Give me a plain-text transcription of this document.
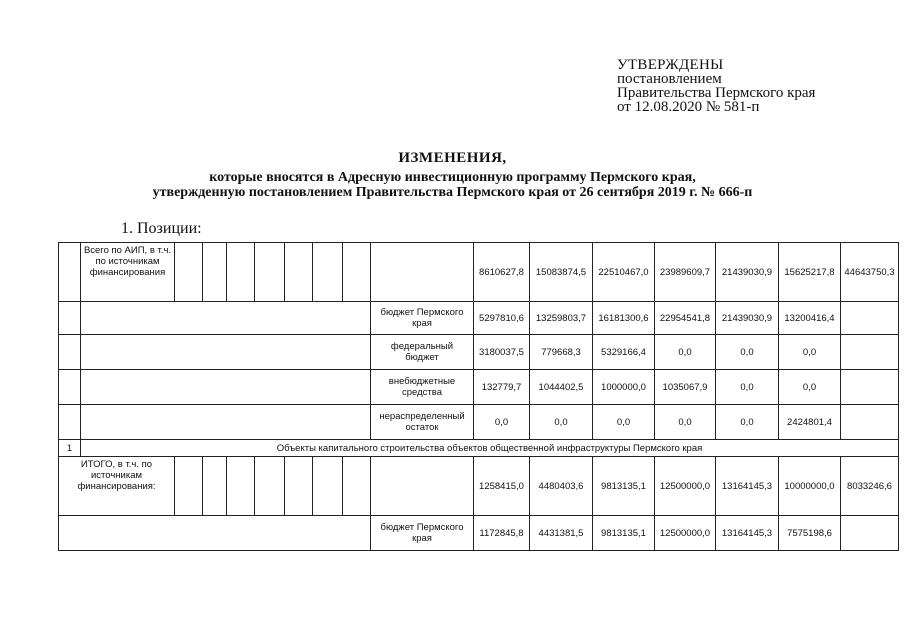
УТВЕРЖДЕНЫ
постановлением
Правительства Пермского края
от 12.08.2020 № 581-п
ИЗМЕНЕНИЯ,
которые вносятся в Адресную инвестиционную программу Пермского края,
утвержденную постановлением Правительства Пермского края от 26 сентября 2019 г. № 666-п
1. Позиции:
	Всего по АИП, в т.ч. по источникам финансирования									8610627,8	15083874,5	22510467,0	23989609,7	21439030,9	15625217,8	44643750,3
									бюджет Пермского края	5297810,6	13259803,7	16181300,6	22954541,8	21439030,9	13200416,4	
									федеральный бюджет	3180037,5	779668,3	5329166,4	0,0	0,0	0,0	
									внебюджетные средства	132779,7	1044402,5	1000000,0	1035067,9	0,0	0,0	
									нераспределенный остаток	0,0	0,0	0,0	0,0	0,0	2424801,4	
1	Объекты капитального строительства объектов общественной инфраструктуры Пермского края															
ИТОГО, в т.ч. по источникам финансирования:										1258415,0	4480403,6	9813135,1	12500000,0	13164145,3	10000000,0	8033246,6
									бюджет Пермского края	1172845,8	4431381,5	9813135,1	12500000,0	13164145,3	7575198,6	
